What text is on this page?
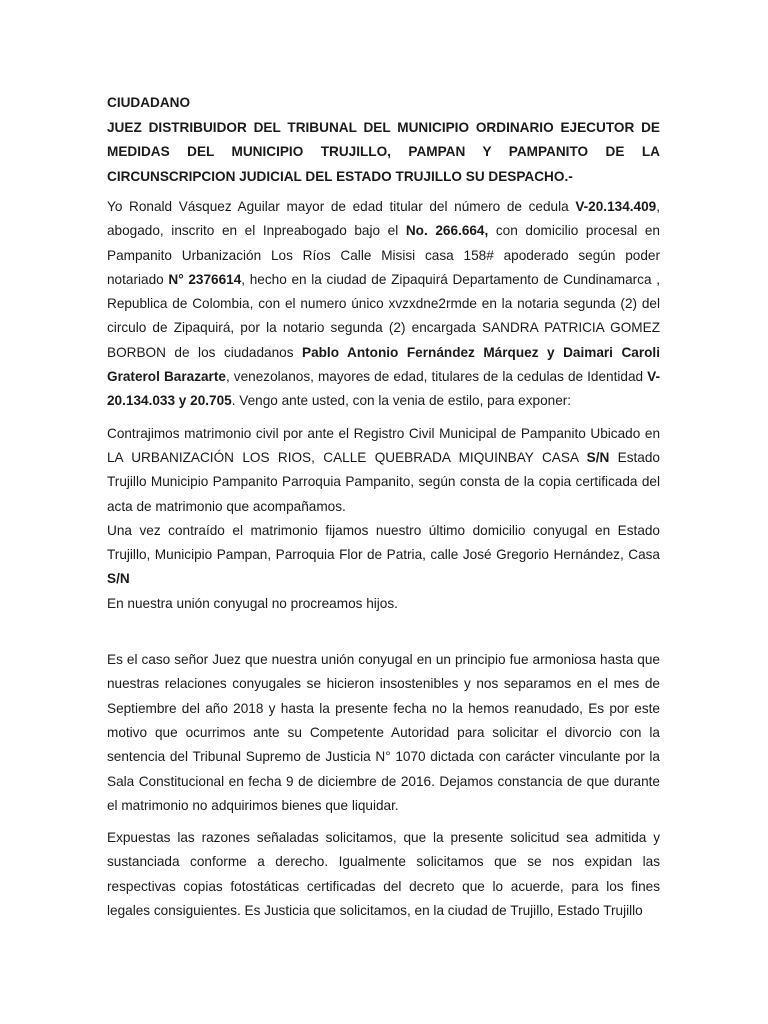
CIUDADANO
JUEZ DISTRIBUIDOR DEL TRIBUNAL DEL MUNICIPIO ORDINARIO EJECUTOR DE
MEDIDAS DEL MUNICIPIO TRUJILLO, PAMPAN Y PAMPANITO DE LA
CIRCUNSCRIPCION JUDICIAL DEL ESTADO TRUJILLO SU DESPACHO.-

Yo Ronald Vásquez Aguilar mayor de edad titular del número de cedula V-20.134.409, abogado, inscrito en el Inpreabogado bajo el No. 266.664, con domicilio procesal en Pampanito Urbanización Los Ríos Calle Misisi casa 158# apoderado según poder notariado N° 2376614, hecho en la ciudad de Zipaquirá Departamento de Cundinamarca , Republica de Colombia, con el numero único xvzxdne2rmde en la notaria segunda (2) del circulo de Zipaquirá, por la notario segunda (2) encargada SANDRA PATRICIA GOMEZ BORBON de los ciudadanos Pablo Antonio Fernández Márquez y Daimari Caroli Graterol Barazarte, venezolanos, mayores de edad, titulares de la cedulas de Identidad V-20.134.033 y 20.705. Vengo ante usted, con la venia de estilo, para exponer:

Contrajimos matrimonio civil por ante el Registro Civil Municipal de Pampanito Ubicado en LA URBANIZACIÓN LOS RIOS, CALLE QUEBRADA MIQUINBAY CASA S/N Estado Trujillo Municipio Pampanito Parroquia Pampanito, según consta de la copia certificada del acta de matrimonio que acompañamos.

Una vez contraído el matrimonio fijamos nuestro último domicilio conyugal en Estado Trujillo, Municipio Pampan, Parroquia Flor de Patria, calle José Gregorio Hernández, Casa S/N

En nuestra unión conyugal no procreamos hijos.

Es el caso señor Juez que nuestra unión conyugal en un principio fue armoniosa hasta que nuestras relaciones conyugales se hicieron insostenibles y nos separamos en el mes de Septiembre del año 2018 y hasta la presente fecha no la hemos reanudado, Es por este motivo que ocurrimos ante su Competente Autoridad para solicitar el divorcio con la sentencia del Tribunal Supremo de Justicia N° 1070 dictada con carácter vinculante por la Sala Constitucional en fecha 9 de diciembre de 2016. Dejamos constancia de que durante el matrimonio no adquirimos bienes que liquidar.

Expuestas las razones señaladas solicitamos, que la presente solicitud sea admitida y sustanciada conforme a derecho. Igualmente solicitamos que se nos expidan las respectivas copias fotostáticas certificadas del decreto que lo acuerde, para los fines legales consiguientes. Es Justicia que solicitamos, en la ciudad de Trujillo, Estado Trujillo
